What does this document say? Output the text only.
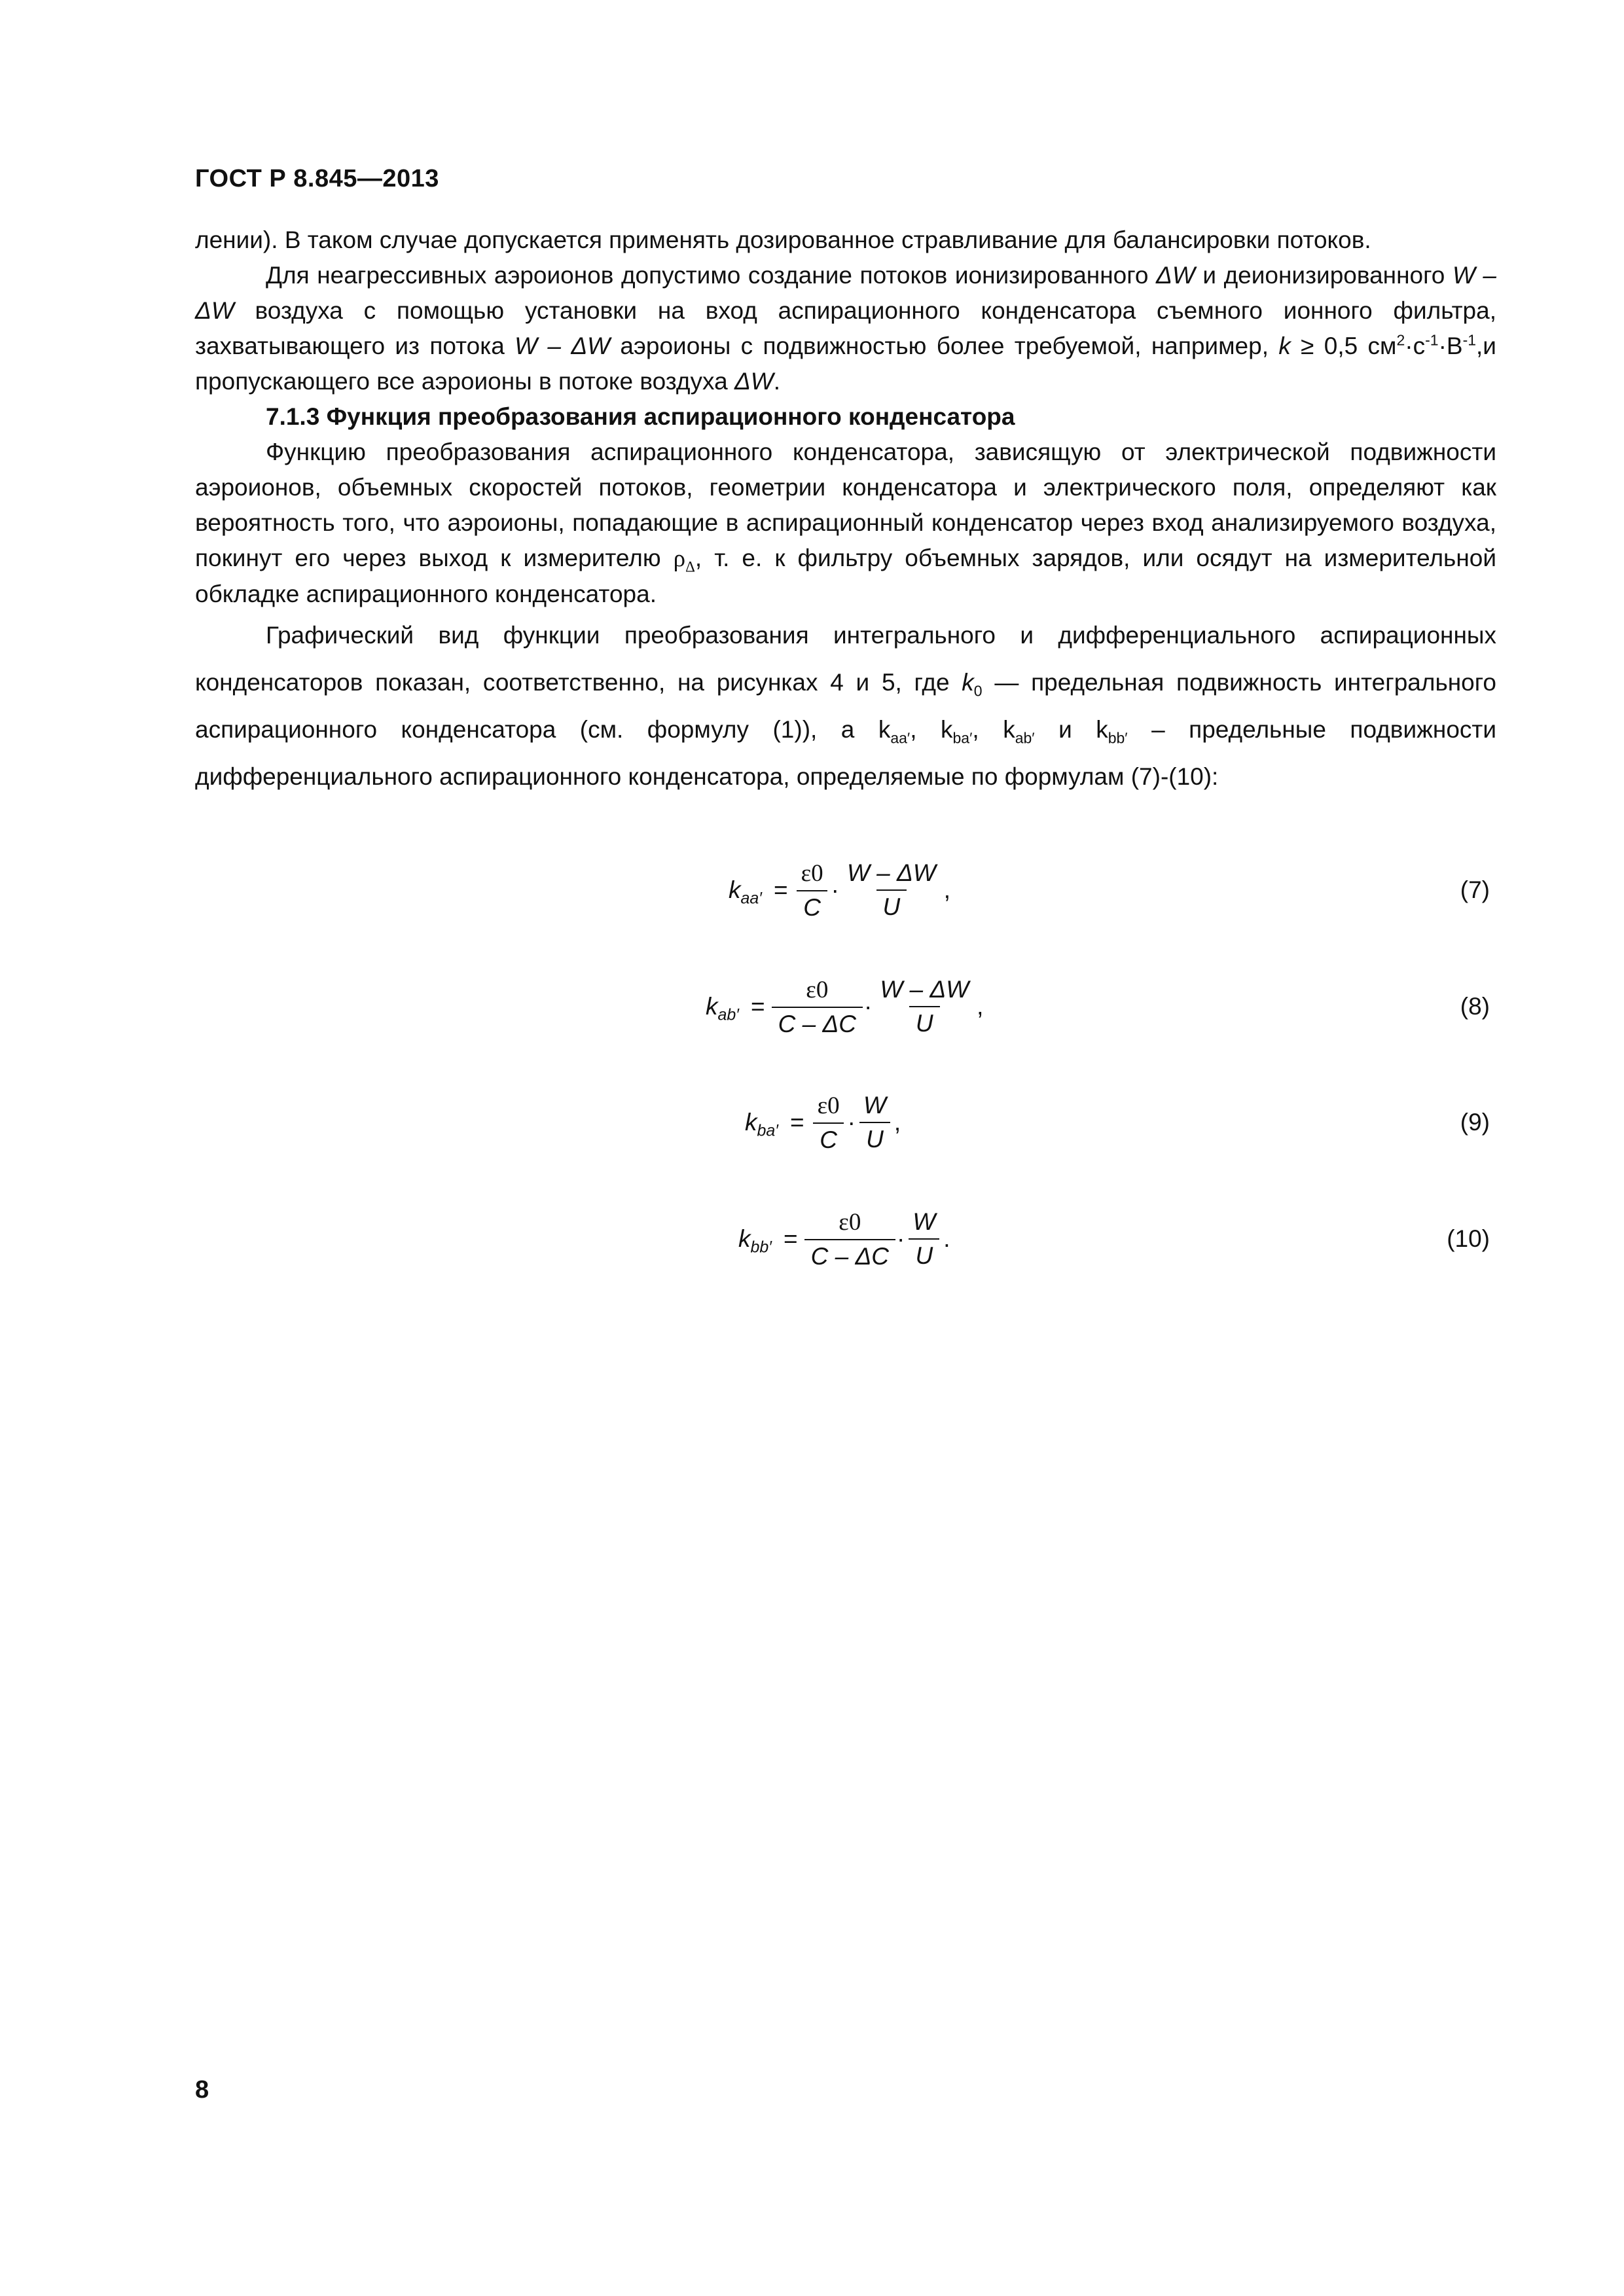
ГОСТ Р 8.845—2013

лении). В таком случае допускается применять дозированное стравливание для балансировки потоков.

Для неагрессивных аэроионов допустимо создание потоков ионизированного ΔW и деионизированного W – ΔW воздуха с помощью установки на вход аспирационного конденсатора съемного ионного фильтра, захватывающего из потока W – ΔW аэроионы с подвижностью более требуемой, например, k ≥ 0,5 $см^2\cdot с^{-1}\cdot В^{-1},и$ пропускающего все аэроионы в потоке воздуха ΔW.

7.1.3 Функция преобразования аспирационного конденсатора

Функцию преобразования аспирационного конденсатора, зависящую от электрической подвижности аэроионов, объемных скоростей потоков, геометрии конденсатора и электрического поля, определяют как вероятность того, что аэроионы, попадающие в аспирационный конденсатор через вход анализируемого воздуха, покинут его через выход к измерителю $\rho_\Delta$, т. е. к фильтру объемных зарядов, или осядут на измерительной обкладке аспирационного конденсатора.

Графический вид функции преобразования интегрального и дифференциального аспирационных конденсаторов показан, соответственно, на рисунках 4 и 5, где $k_0$ — предельная подвижность интегрального аспирационного конденсатора (см. формулу (1)), а $k_{aa'}$, $k_{ba'}$, $k_{ab'}$ и $k_{bb'}$ – предельные подвижности дифференциального аспирационного конденсатора, определяемые по формулам (7)-(10):

$k_{aa'} = \frac{\varepsilon 0}{C} \cdot \frac{W - \Delta W}{U}$ ,	(7)
$k_{ab'} = \frac{\varepsilon 0}{C - \Delta C} \cdot \frac{W - \Delta W}{U}$ ,	(8)
$k_{ba'} = \frac{\varepsilon 0}{C} \cdot \frac{W}{U}$ ,	(9)
$k_{bb'} = \frac{\varepsilon 0}{C - \Delta C} \cdot \frac{W}{U}$ .	(10)
8
